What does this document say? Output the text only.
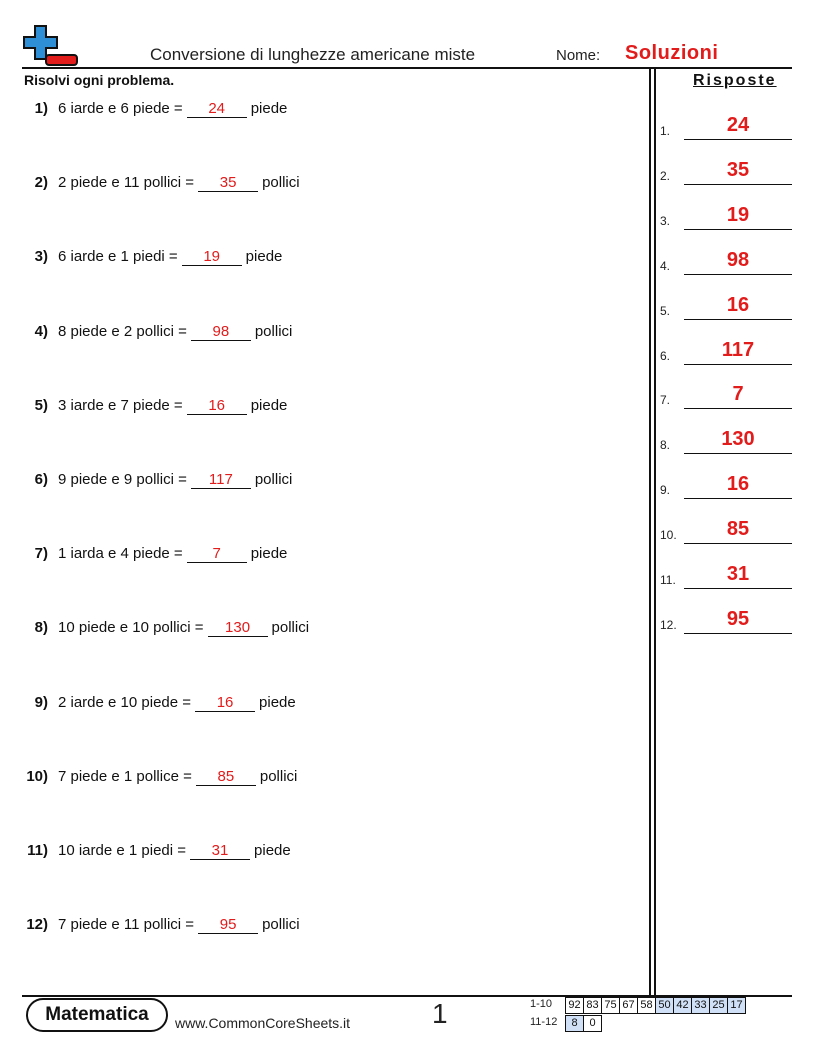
Conversione di lunghezze americane miste	Nome: Soluzioni
Risolvi ogni problema.	Risposte
1) 6 iarde e 6 piede =	24	piede
2) 2 piede e 11 pollici =	35	pollici
3) 6 iarde e 1 piedi =	19	piede
4) 8 piede e 2 pollici =	98	pollici
5) 3 iarde e 7 piede =	16	piede
6) 9 piede e 9 pollici =	117	pollici
7) 1 iarda e 4 piede =	7	piede
8) 10 piede e 10 pollici =	130	pollici
9) 2 iarde e 10 piede =	16	piede
10) 7 piede e 1 pollice =	85	pollici
11) 10 iarde e 1 piedi =	31	piede
12) 7 piede e 11 pollici =	95	pollici
1.	24
2.	35
3.	19
4.	98
5.	16
6.	117
7.	7
8.	130
9.	16
10.	85
11.	31
12.	95
Matematica	www.CommonCoreSheets.it	1	1-10	92 83 75 67 58 50 42 33 25 17
11-12	8	0
